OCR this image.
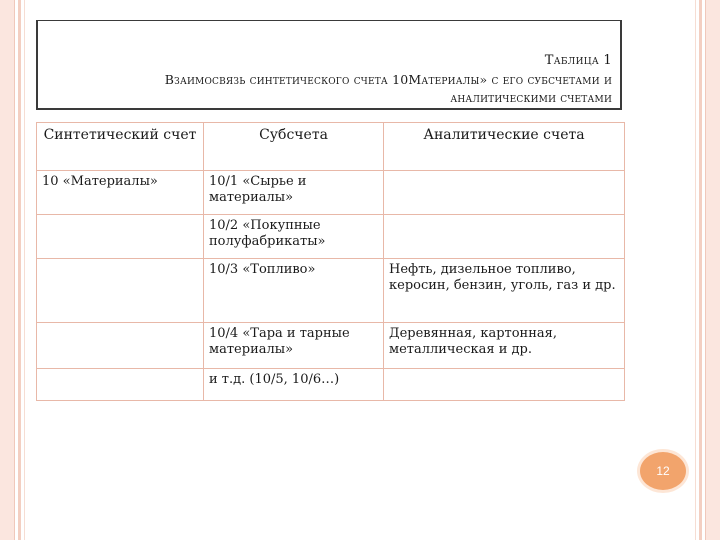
Таблица 1
Взаимосвязь синтетического счета 10Материалы» с его субсчетами и
аналитическими счетами
Синтетический счет	Субсчета	Аналитические счета
10 «Материалы»	10/1 «Сырье и материалы»	
	10/2 «Покупные полуфабрикаты»	
	10/3 «Топливо»	Нефть, дизельное топливо, керосин, бензин, уголь, газ и др.
	10/4 «Тара и тарные материалы»	Деревянная, картонная, металлическая и др.
	и т.д. (10/5, 10/6…)	
12
